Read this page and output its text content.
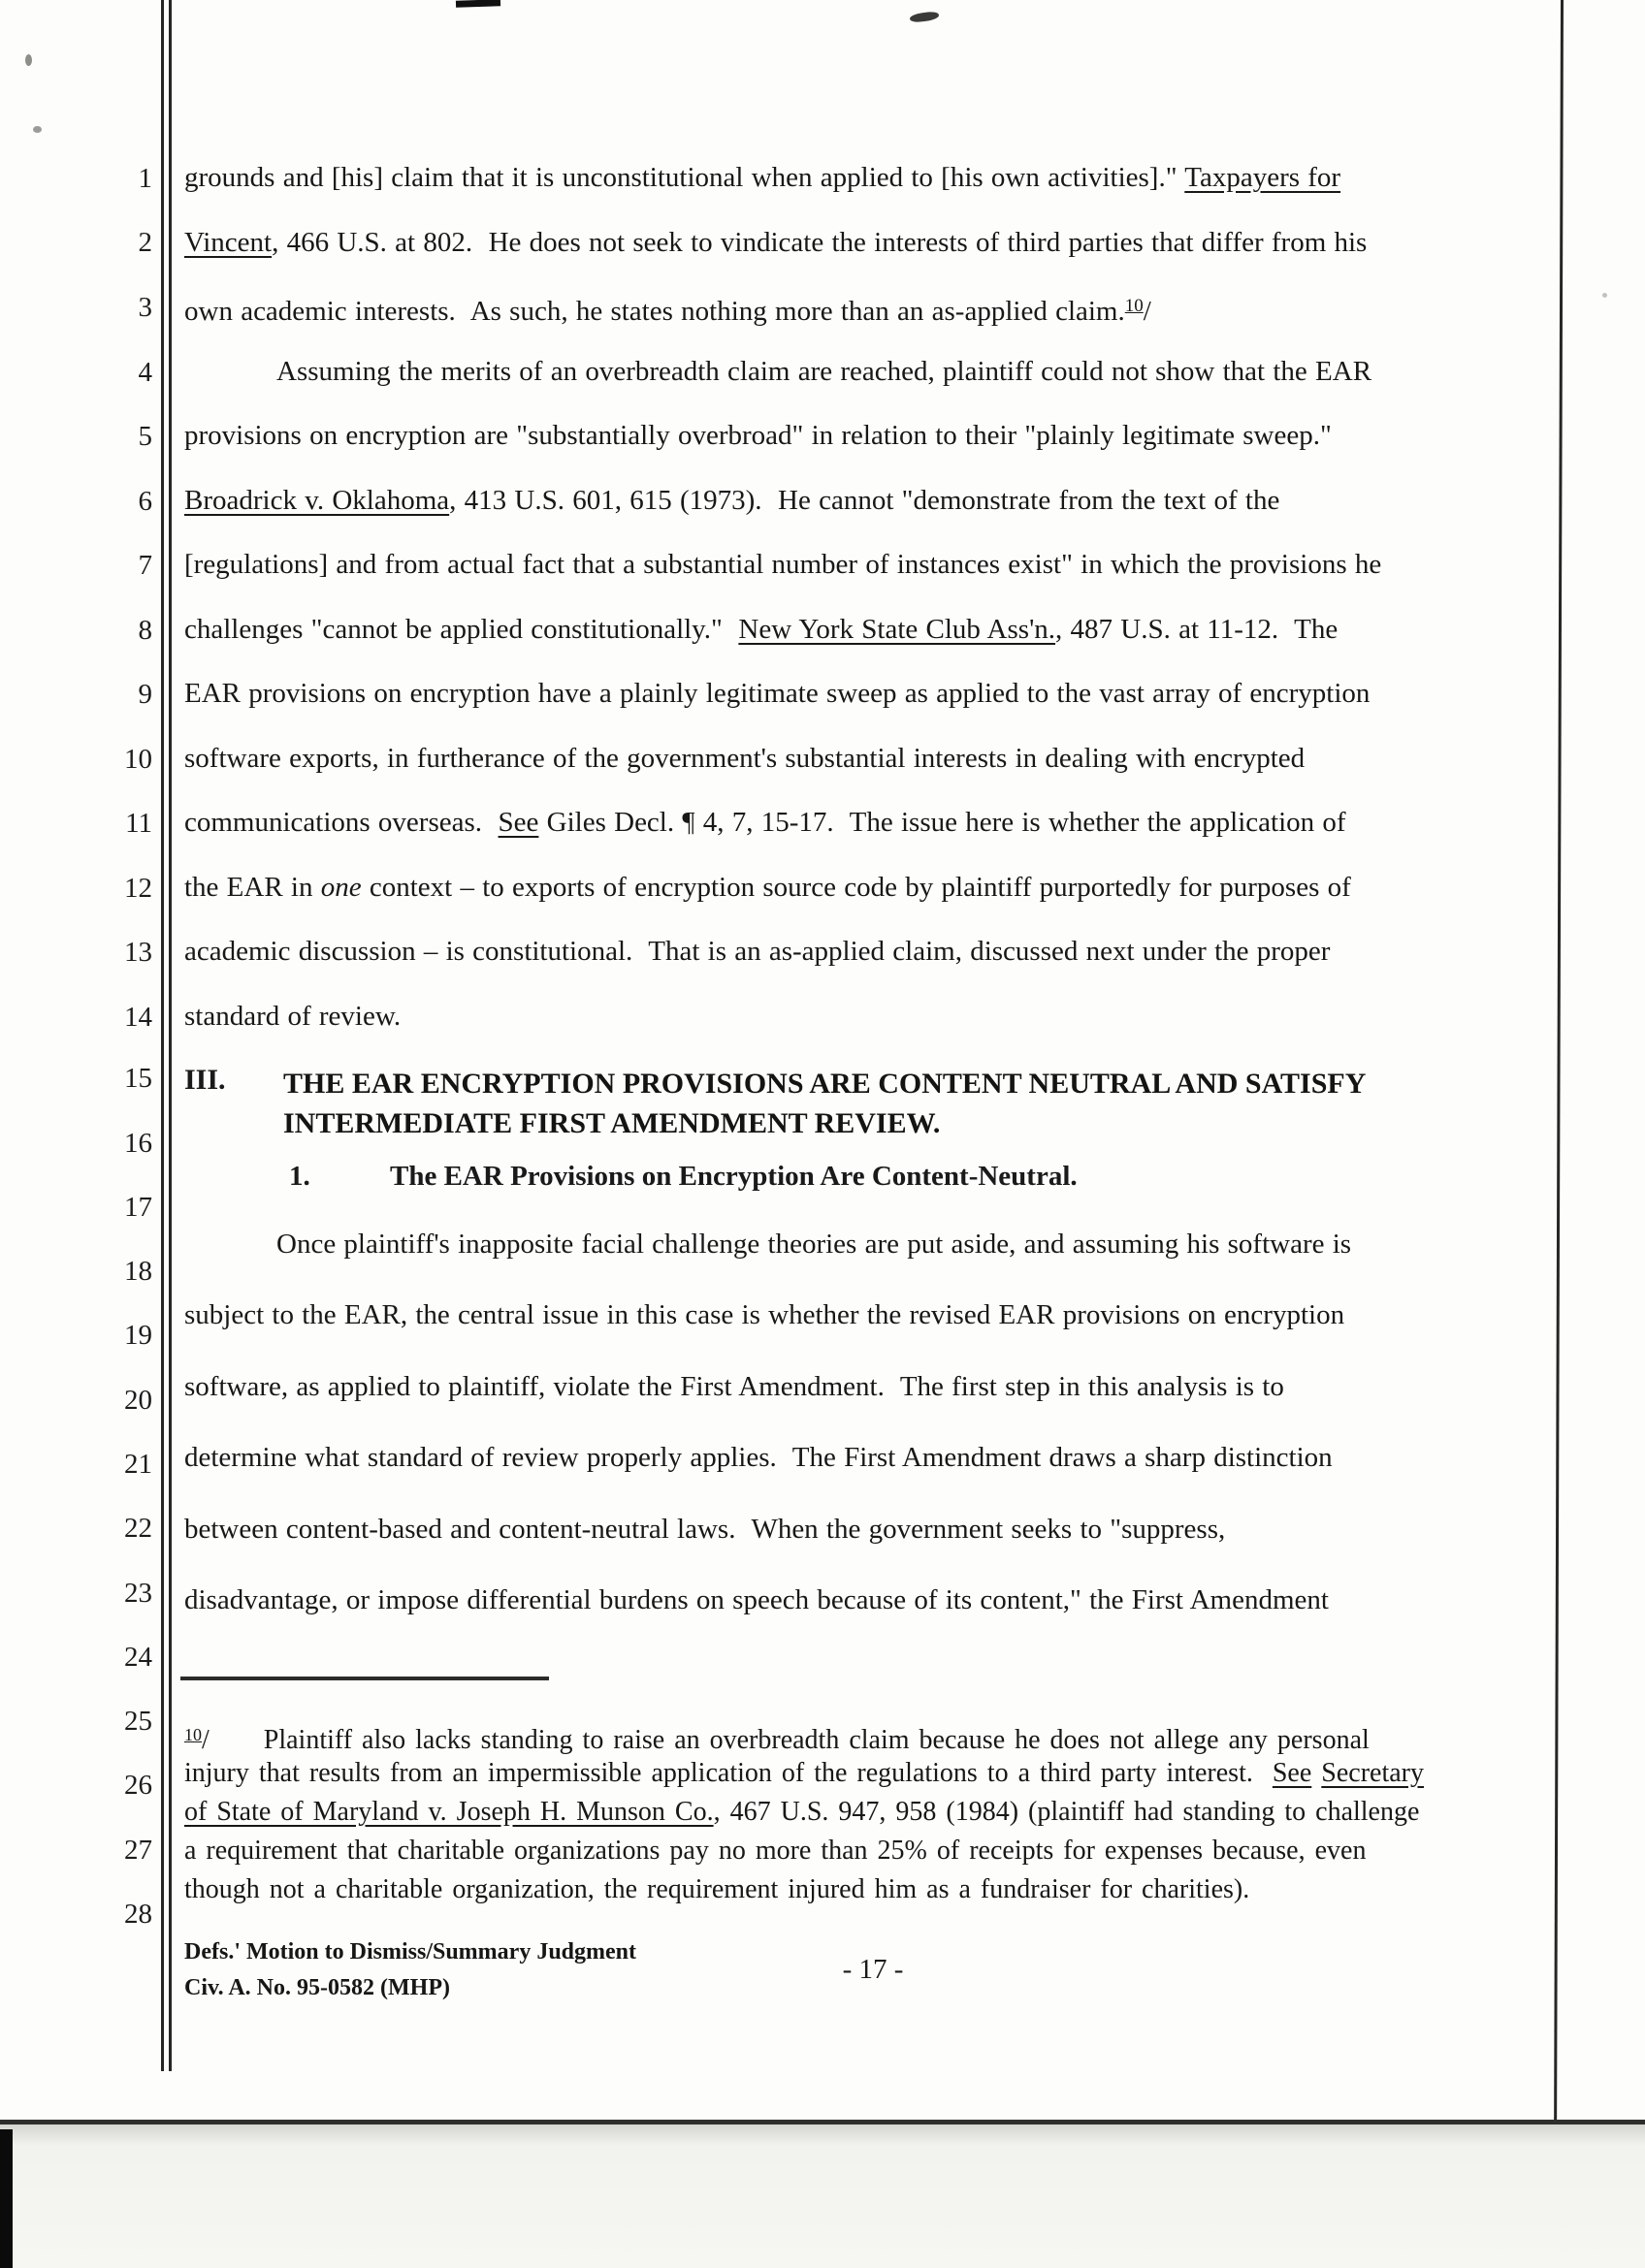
1
2
3
4
5
6
7
8
9
10
11
12
13
14
15
16
17
18
19
20
21
22
23
24
25
26
27
28
grounds and [his] claim that it is unconstitutional when applied to [his own activities]." Taxpayers for
Vincent, 466 U.S. at 802.  He does not seek to vindicate the interests of third parties that differ from his
own academic interests.  As such, he states nothing more than an as-applied claim.$^{10}$/
Assuming the merits of an overbreadth claim are reached, plaintiff could not show that the EAR
provisions on encryption are "substantially overbroad" in relation to their "plainly legitimate sweep."
Broadrick v. Oklahoma, 413 U.S. 601, 615 (1973).  He cannot "demonstrate from the text of the
[regulations] and from actual fact that a substantial number of instances exist" in which the provisions he
challenges "cannot be applied constitutionally."  New York State Club Ass'n., 487 U.S. at 11-12.  The
EAR provisions on encryption have a plainly legitimate sweep as applied to the vast array of encryption
software exports, in furtherance of the government's substantial interests in dealing with encrypted
communications overseas.  See Giles Decl. ¶ 4, 7, 15-17.  The issue here is whether the application of
the EAR in one context – to exports of encryption source code by plaintiff purportedly for purposes of
academic discussion – is constitutional.  That is an as-applied claim, discussed next under the proper
standard of review.
III. THE EAR ENCRYPTION PROVISIONS ARE CONTENT NEUTRAL AND SATISFY
INTERMEDIATE FIRST AMENDMENT REVIEW.
1.	The EAR Provisions on Encryption Are Content-Neutral.
Once plaintiff's inapposite facial challenge theories are put aside, and assuming his software is
subject to the EAR, the central issue in this case is whether the revised EAR provisions on encryption
software, as applied to plaintiff, violate the First Amendment.  The first step in this analysis is to
determine what standard of review properly applies.  The First Amendment draws a sharp distinction
between content-based and content-neutral laws.  When the government seeks to "suppress,
disadvantage, or impose differential burdens on speech because of its content," the First Amendment
$^{10}$/ Plaintiff also lacks standing to raise an overbreadth claim because he does not allege any personal
injury that results from an impermissible application of the regulations to a third party interest.  See Secretary
of State of Maryland v. Joseph H. Munson Co., 467 U.S. 947, 958 (1984) (plaintiff had standing to challenge
a requirement that charitable organizations pay no more than 25% of receipts for expenses because, even
though not a charitable organization, the requirement injured him as a fundraiser for charities).
Defs.' Motion to Dismiss/Summary Judgment
Civ. A. No. 95-0582 (MHP)
- 17 -
